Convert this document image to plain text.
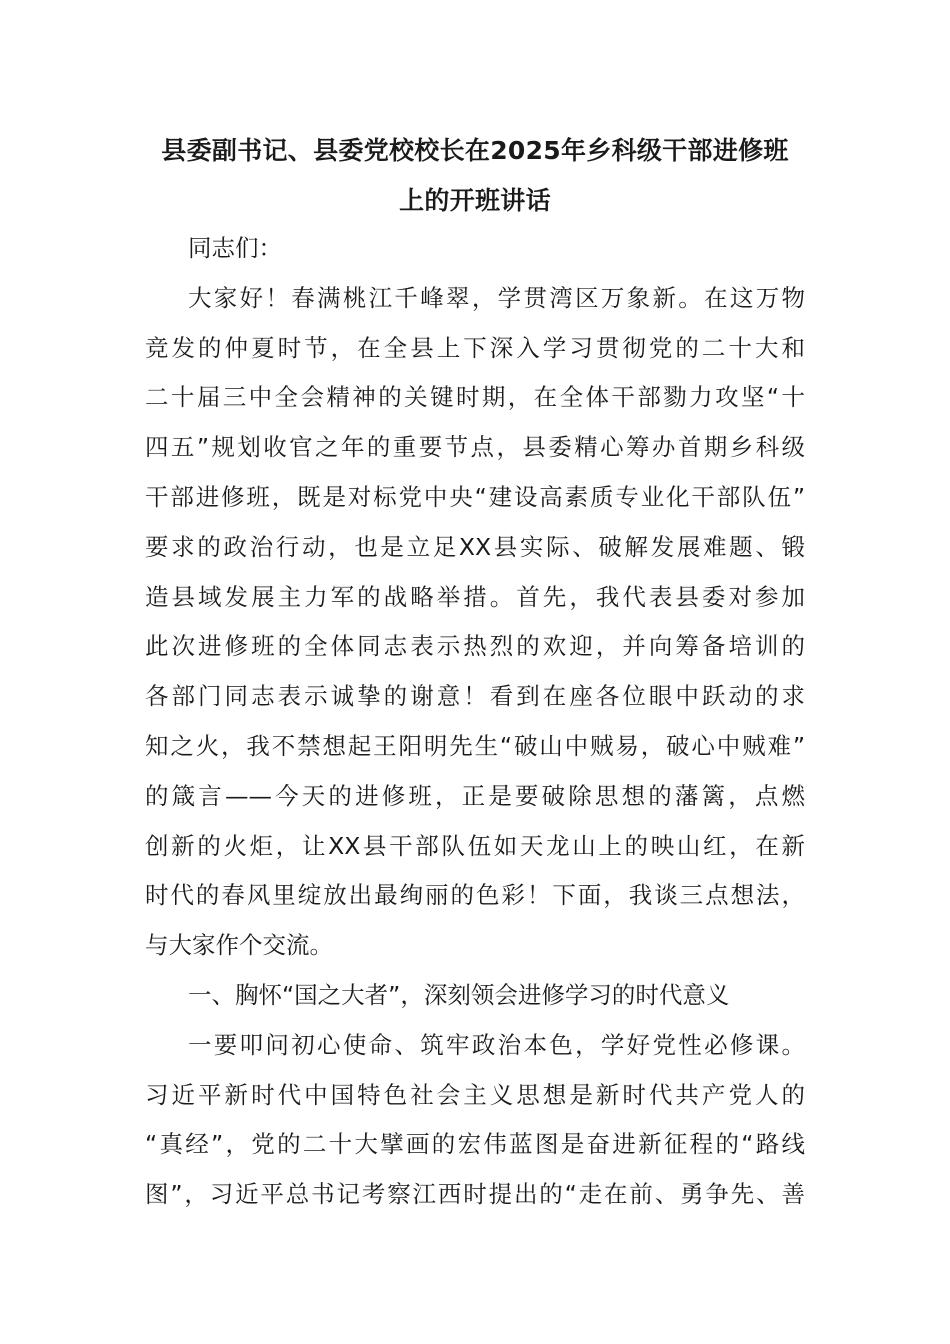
县委副书记、县委党校校长在2025年乡科级干部进修班
上的开班讲话
同志们：
大家好！春满桃江千峰翠，学贯湾区万象新。在这万物
竞发的仲夏时节，在全县上下深入学习贯彻党的二十大和
二十届三中全会精神的关键时期，在全体干部勠力攻坚“十
四五”规划收官之年的重要节点，县委精心筹办首期乡科级
干部进修班，既是对标党中央“建设高素质专业化干部队伍”
要求的政治行动，也是立足XX县实际、破解发展难题、锻
造县域发展主力军的战略举措。首先，我代表县委对参加
此次进修班的全体同志表示热烈的欢迎，并向筹备培训的
各部门同志表示诚挚的谢意！看到在座各位眼中跃动的求
知之火，我不禁想起王阳明先生“破山中贼易，破心中贼难”
的箴言——今天的进修班，正是要破除思想的藩篱，点燃
创新的火炬，让XX县干部队伍如天龙山上的映山红，在新
时代的春风里绽放出最绚丽的色彩！下面，我谈三点想法，
与大家作个交流。
一、胸怀“国之大者”，深刻领会进修学习的时代意义
一要叩问初心使命、筑牢政治本色，学好党性必修课。
习近平新时代中国特色社会主义思想是新时代共产党人的
“真经”，党的二十大擘画的宏伟蓝图是奋进新征程的“路线
图”，习近平总书记考察江西时提出的“走在前、勇争先、善
